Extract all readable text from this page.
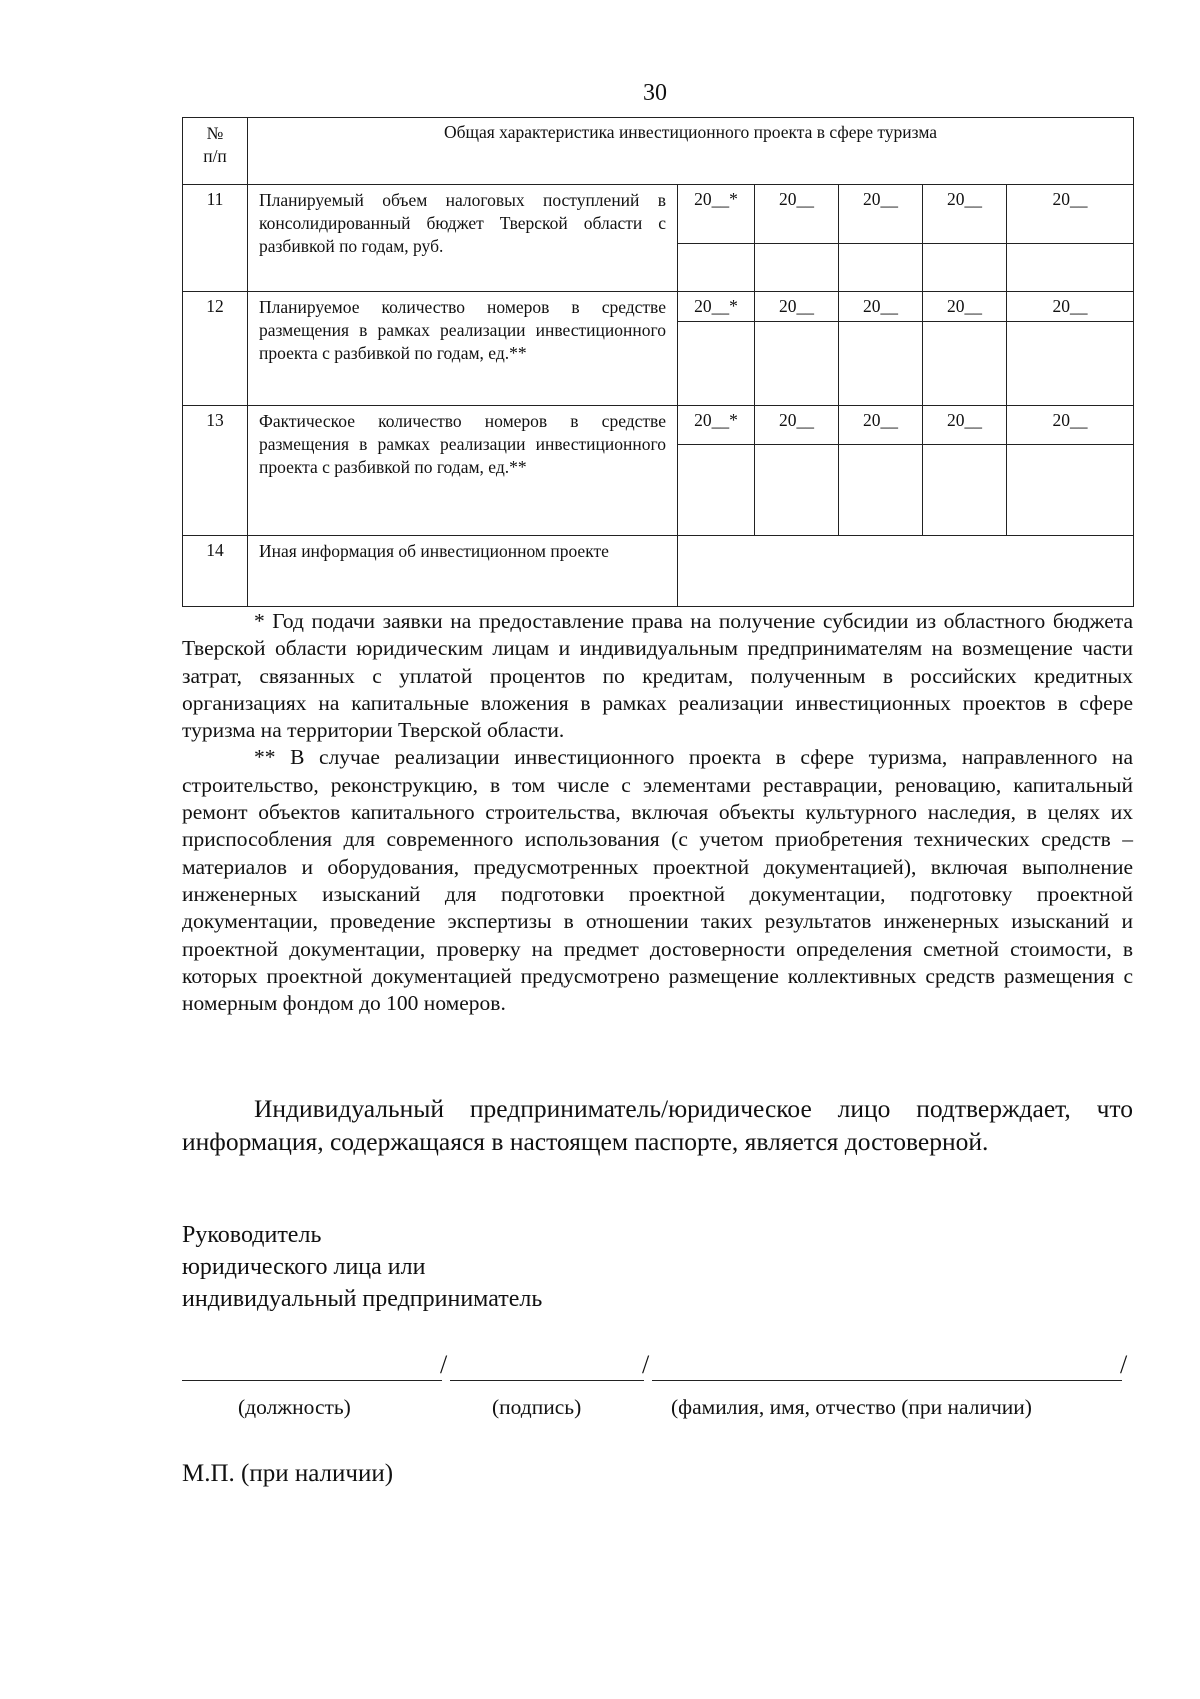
30
№
п/п	Общая характеристика инвестиционного проекта в сфере туризма					
11	Планируемый объем налоговых поступлений в консолидированный бюджет Тверской области с разбивкой по годам, руб.	20__*	20__	20__	20__	20__

12	Планируемое количество номеров в средстве размещения в рамках реализации инвестиционного проекта с разбивкой по годам, ед.**	20__*	20__	20__	20__	20__

13	Фактическое количество номеров в средстве размещения в рамках реализации инвестиционного проекта с разбивкой по годам, ед.**	20__*	20__	20__	20__	20__

14	Иная информация об инвестиционном проекте					

* Год подачи заявки на предоставление права на получение субсидии из областного бюджета Тверской области юридическим лицам и индивидуальным предпринимателям на возмещение части затрат, связанных с уплатой процентов по кредитам, полученным в российских кредитных организациях на капитальные вложения в рамках реализации инвестиционных проектов в сфере туризма на территории Тверской области.

** В случае реализации инвестиционного проекта в сфере туризма, направленного на строительство, реконструкцию, в том числе с элементами реставрации, реновацию, капитальный ремонт объектов капитального строительства, включая объекты культурного наследия, в целях их приспособления для современного использования (с учетом приобретения технических средств – материалов и оборудования, предусмотренных проектной документацией), включая выполнение инженерных изысканий для подготовки проектной документации, подготовку проектной документации, проведение экспертизы в отношении таких результатов инженерных изысканий и проектной документации, проверку на предмет достоверности определения сметной стоимости, в которых проектной документацией предусмотрено размещение коллективных средств размещения с номерным фондом до 100 номеров.

Индивидуальный предприниматель/юридическое лицо подтверждает, что информация, содержащаяся в настоящем паспорте, является достоверной.

Руководитель
юридического лица или
индивидуальный предприниматель
/	/	/
(должность)	(подпись)	(фамилия, имя, отчество (при наличии)
М.П. (при наличии)
